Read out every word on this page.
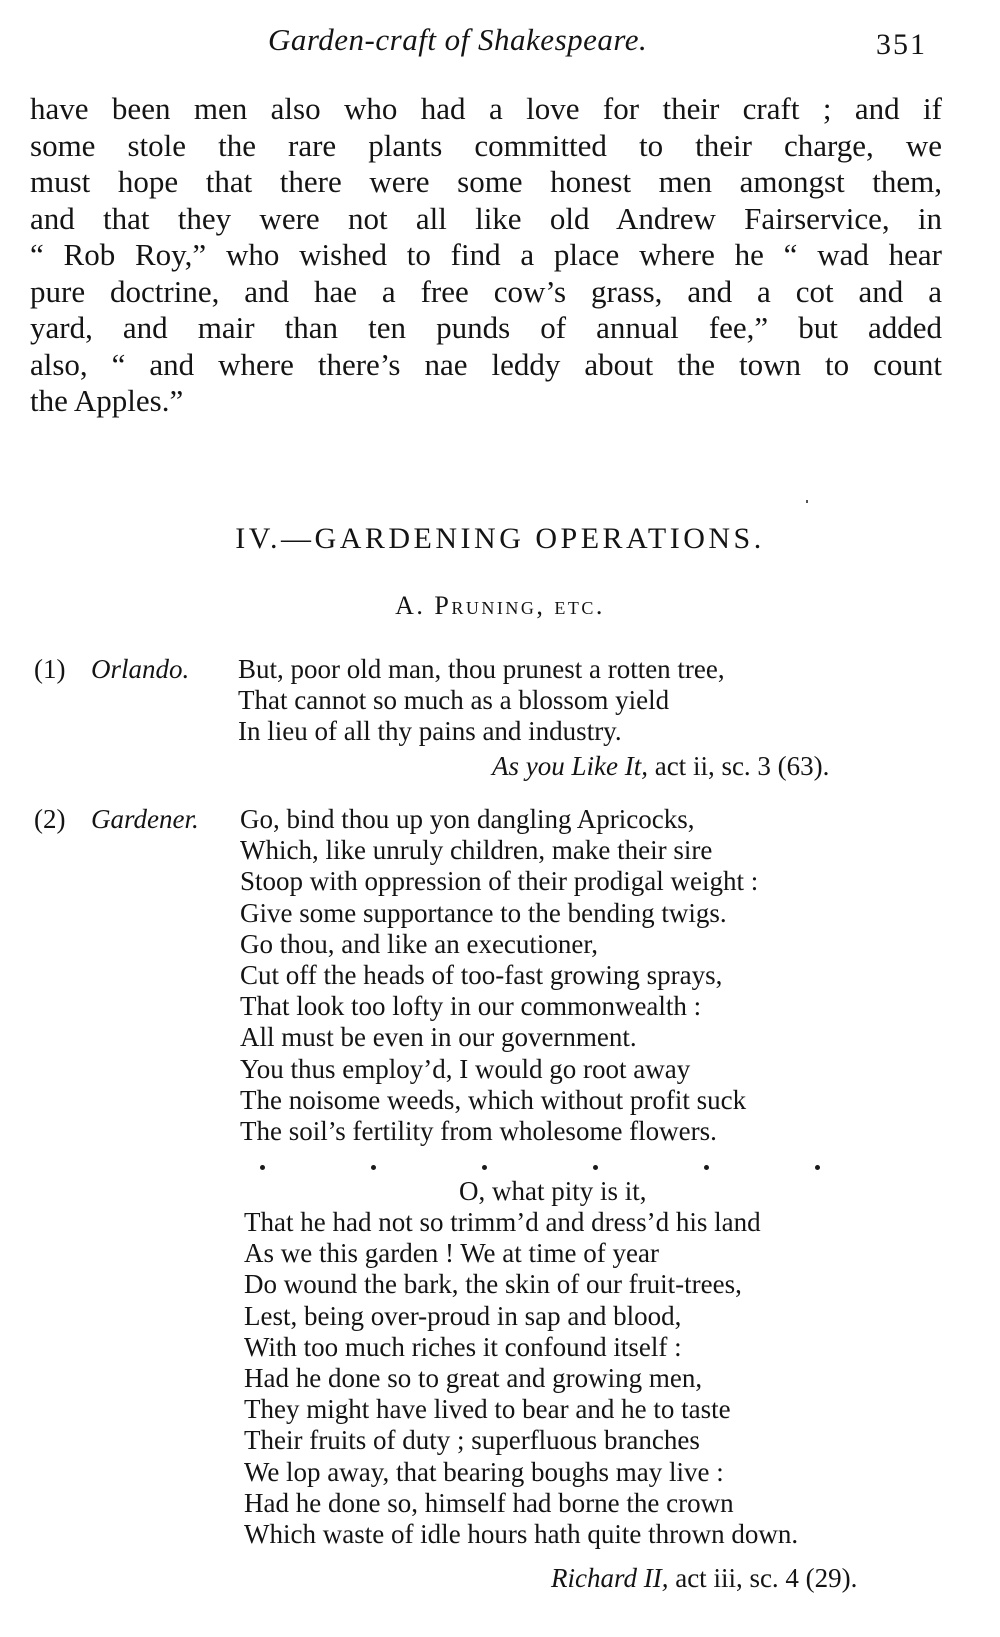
Garden-craft of Shakespeare.	351
have been men also who had a love for their craft ; and if
some stole the rare plants committed to their charge, we
must hope that there were some honest men amongst them,
and that they were not all like old Andrew Fairservice, in
“ Rob Roy,” who wished to find a place where he “ wad hear
pure doctrine, and hae a free cow’s grass, and a cot and a
yard, and mair than ten punds of annual fee,” but added
also, “ and where there’s nae leddy about the town to count
the Apples.”
IV.—GARDENING OPERATIONS.
A. Pruning, etc.
(1) Orlando. But, poor old man, thou prunest a rotten tree,
That cannot so much as a blossom yield
In lieu of all thy pains and industry.
As you Like It, act ii, sc. 3 (63).
(2) Gardener. Go, bind thou up yon dangling Apricocks,
Which, like unruly children, make their sire
Stoop with oppression of their prodigal weight :
Give some supportance to the bending twigs.
Go thou, and like an executioner,
Cut off the heads of too-fast growing sprays,
That look too lofty in our commonwealth :
All must be even in our government.
You thus employ’d, I would go root away
The noisome weeds, which without profit suck
The soil’s fertility from wholesome flowers.
O, what pity is it,
That he had not so trimm’d and dress’d his land
As we this garden ! We at time of year
Do wound the bark, the skin of our fruit-trees,
Lest, being over-proud in sap and blood,
With too much riches it confound itself :
Had he done so to great and growing men,
They might have lived to bear and he to taste
Their fruits of duty ; superfluous branches
We lop away, that bearing boughs may live :
Had he done so, himself had borne the crown
Which waste of idle hours hath quite thrown down.
Richard II, act iii, sc. 4 (29).
